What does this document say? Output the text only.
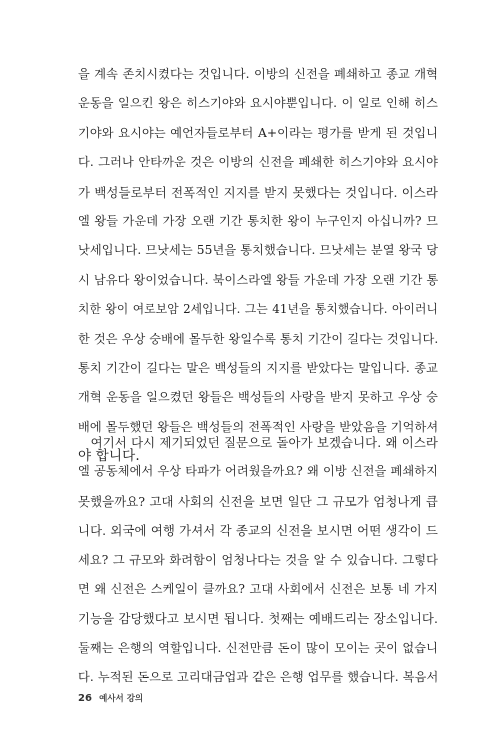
을 계속 존치시켰다는 것입니다. 이방의 신전을 폐쇄하고 종교 개혁
운동을 일으킨 왕은 히스기야와 요시야뿐입니다. 이 일로 인해 히스
기야와 요시야는 예언자들로부터 A+이라는 평가를 받게 된 것입니
다. 그러나 안타까운 것은 이방의 신전을 폐쇄한 히스기야와 요시야
가 백성들로부터 전폭적인 지지를 받지 못했다는 것입니다. 이스라
엘 왕들 가운데 가장 오랜 기간 통치한 왕이 누구인지 아십니까? 므
낫세입니다. 므낫세는 55년을 통치했습니다. 므낫세는 분열 왕국 당
시 남유다 왕이었습니다. 북이스라엘 왕들 가운데 가장 오랜 기간 통
치한 왕이 여로보암 2세입니다. 그는 41년을 통치했습니다. 아이러니
한 것은 우상 숭배에 몰두한 왕일수록 통치 기간이 길다는 것입니다.
통치 기간이 길다는 말은 백성들의 지지를 받았다는 말입니다. 종교
개혁 운동을 일으켰던 왕들은 백성들의 사랑을 받지 못하고 우상 숭
배에 몰두했던 왕들은 백성들의 전폭적인 사랑을 받았음을 기억하셔
야 합니다.
여기서 다시 제기되었던 질문으로 돌아가 보겠습니다. 왜 이스라
엘 공동체에서 우상 타파가 어려웠을까요? 왜 이방 신전을 폐쇄하지
못했을까요? 고대 사회의 신전을 보면 일단 그 규모가 엄청나게 큽
니다. 외국에 여행 가셔서 각 종교의 신전을 보시면 어떤 생각이 드
세요? 그 규모와 화려함이 엄청나다는 것을 알 수 있습니다. 그렇다
면 왜 신전은 스케일이 클까요? 고대 사회에서 신전은 보통 네 가지
기능을 감당했다고 보시면 됩니다. 첫째는 예배드리는 장소입니다.
둘째는 은행의 역할입니다. 신전만큼 돈이 많이 모이는 곳이 없습니
다. 누적된 돈으로 고리대금업과 같은 은행 업무를 했습니다. 복음서
26 예사서 강의
